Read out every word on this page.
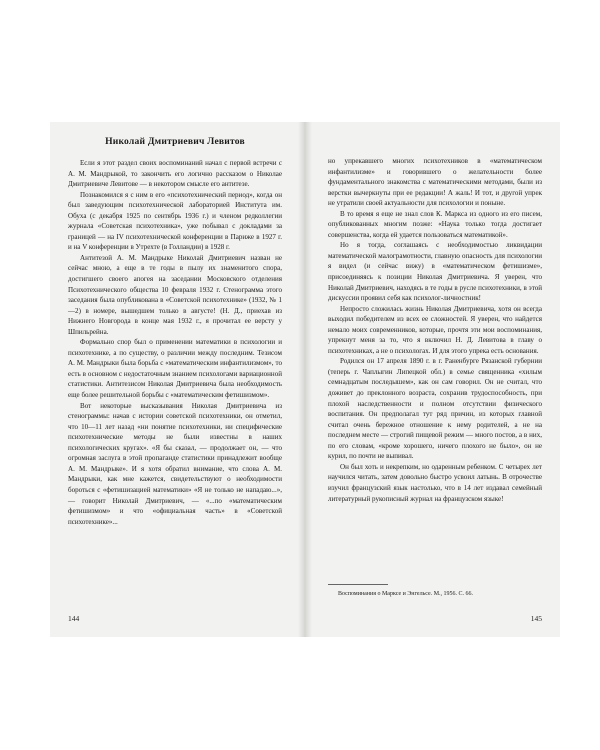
Николай Дмитриевич Левитов

Если я этот раздел своих воспоминаний начал с первой встречи с А. М. Мандрыкой, то закончить его логично рассказом о Николае Дмитриевиче Левитове — в некотором смысле его антитезе.

Познакомился я с ним в его «психотехнический период», когда он был заведующим психотехнической лабораторией Института им. Обуха (с декабря 1925 по сентябрь 1936 г.) и членом редколлегии журнала «Советская психотехника», уже побывал с докладами за границей — на IV психотехнической конференции в Париже в 1927 г. и на V конференции в Утрехте (в Голландии) в 1928 г.

Антитезой А. М. Мандрыке Николай Дмитриевич назван не сейчас мною, а еще в те годы в пылу их знаменитого спора, достигшего своего апогея на заседании Московского отделения Психотехнического общества 10 февраля 1932 г. Стенограмма этого заседания была опубликована в «Советской психотехнике» (1932, № 1—2) в номере, вышедшем только в августе! (Н. Д., приехав из Нижнего Новгорода в конце мая 1932 г., я прочитал ее версту у Шпильрейна.

Формально спор был о применении математики в психологии и психотехнике, а по существу, о различии между последним. Тезисом А. М. Мандрыки была борьба с «математическим инфантилизмом», то есть в основном с недостаточным знанием психологами вариационной статистики. Антитезисом Николая Дмитриевича была необходимость еще более решительной борьбы с «математическим фетишизмом».

Вот некоторые высказывания Николая Дмитриевича из стенограммы: начав с истории советской психотехники, он отметил, что 10—11 лет назад «ни понятие психотехники, ни специфические психотехнические методы не были известны в наших психологических кругах». «Я бы сказал, — продолжает он, — что огромная заслуга в этой пропаганде статистики принадлежит вообще А. М. Мандрыке». И я хотя обратил внимание, что слова А. М. Мандрыки, как мне кажется, свидетельствуют о необходимости бороться с «фетишизацией математики» «Я не только не нападаю...», — говорит Николай Дмитриевич, — «...по «математическим фетишизмом» и что «официальная часть» в «Советской психотехнике»...

144

но упрекавшего многих психотехников в «математическом инфантилизме» и говорившего о желательности более фундаментального знакомства с математическими методами, были из верстки вычеркнуты при ее редакции! А жаль! И тот, и другой упрек не утратили своей актуальности для психологии и поныне.

В то время я еще не знал слов К. Маркса из одного из его писем, опубликованных многим позже: «Наука только тогда достигает совершенства, когда ей удается пользоваться математикой».

Но я тогда, соглашаясь с необходимостью ликвидации математической малограмотности, главную опасность для психологии я видел (и сейчас вижу) в «математическом фетишизме», присоединяясь к позиции Николая Дмитриевича. Я уверен, что Николай Дмитриевич, находясь в те годы в русле психотехники, в этой дискуссии проявил себя как психолог-личностник!

Непросто сложилась жизнь Николая Дмитриевича, хотя он всегда выходил победителем из всех ее сложностей. Я уверен, что найдется немало моих современников, которые, прочтя эти мои воспоминания, упрекнут меня за то, что я включил Н. Д. Левитова в главу о психотехниках, а не о психологах. И для этого упрека есть основания.

Родился он 17 апреля 1890 г. в г. Раненбурге Рязанской губернии (теперь г. Чаплыгин Липецкой обл.) в семье священника «хилым семнадцатым последышем», как он сам говорил. Он не считал, что доживет до преклонного возраста, сохранив трудоспособность, при плохой наследственности и полном отсутствии физического воспитания. Он предполагал тут ряд причин, из которых главной считал очень бережное отношение к нему родителей, а не на последнем месте — строгий пищевой режим — много постов, а в них, по его словам, «кроме хорошего, ничего плохого не было», он не курил, по почти не выпивал.

Он был хоть и некрепким, но одаренным ребенком. С четырех лет научился читать, затем довольно быстро усвоил латынь. В отрочестве изучил французский язык настолько, что в 14 лет издавал семейный литературный рукописный журнал на французском языке!

Воспоминания о Марксе и Энгельсе. М., 1956. С. 66.
145
